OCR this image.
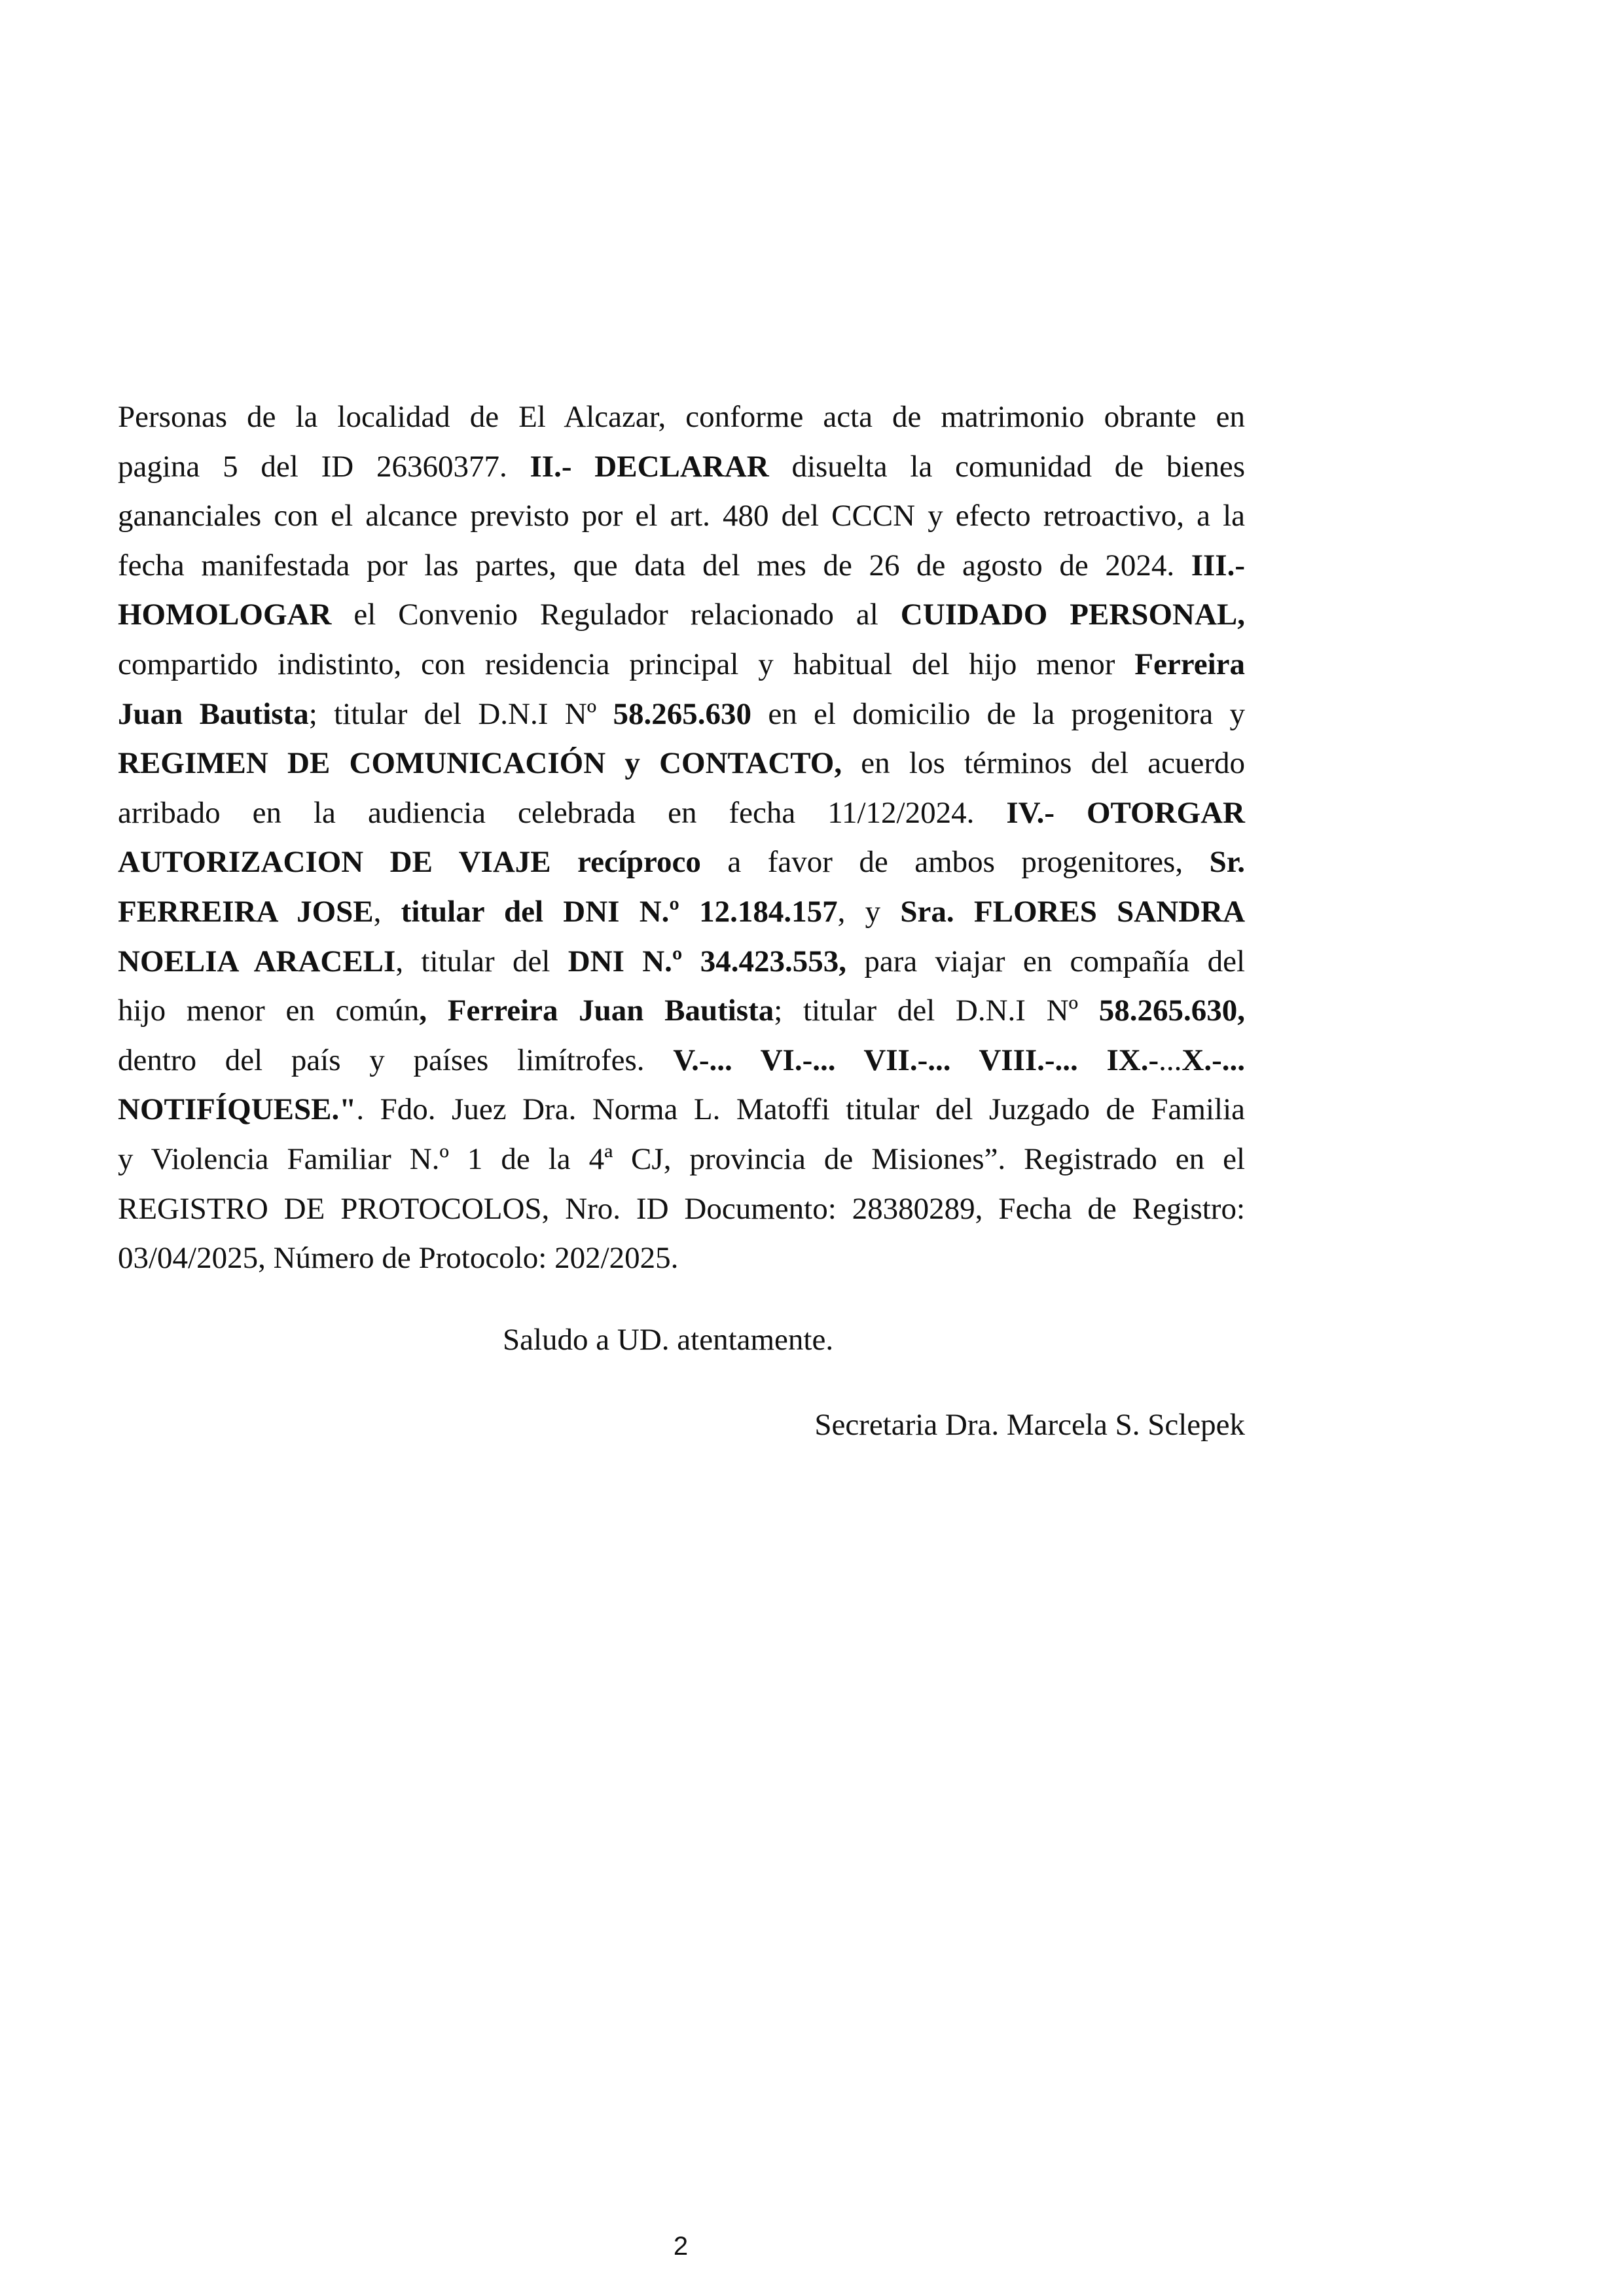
Personas de la localidad de El Alcazar, conforme acta de matrimonio obrante en
pagina 5 del ID 26360377. II.- DECLARAR disuelta la comunidad de bienes
gananciales con el alcance previsto por el art. 480 del CCCN y efecto retroactivo, a la
fecha manifestada por las partes, que data del mes de 26 de agosto de 2024. III.-
HOMOLOGAR el Convenio Regulador relacionado al CUIDADO PERSONAL,
compartido indistinto, con residencia principal y habitual del hijo menor Ferreira
Juan Bautista; titular del D.N.I Nº 58.265.630 en el domicilio de la progenitora y
REGIMEN DE COMUNICACIÓN y CONTACTO, en los términos del acuerdo
arribado en la audiencia celebrada en fecha 11/12/2024. IV.- OTORGAR
AUTORIZACION DE VIAJE recíproco a favor de ambos progenitores, Sr.
FERREIRA JOSE, titular del DNI N.º 12.184.157, y Sra. FLORES SANDRA
NOELIA ARACELI, titular del DNI N.º 34.423.553, para viajar en compañía del
hijo menor en común, Ferreira Juan Bautista; titular del D.N.I Nº 58.265.630,
dentro del país y países limítrofes. V.-... VI.-... VII.-... VIII.-... IX.-...X.-...
NOTIFÍQUESE.". Fdo. Juez Dra. Norma L. Matoffi titular del Juzgado de Familia
y Violencia Familiar N.º 1 de la 4ª CJ, provincia de Misiones”. Registrado en el
REGISTRO DE PROTOCOLOS, Nro. ID Documento: 28380289, Fecha de Registro:
03/04/2025, Número de Protocolo: 202/2025.
Saludo a UD. atentamente.
Secretaria Dra. Marcela S. Sclepek
2
